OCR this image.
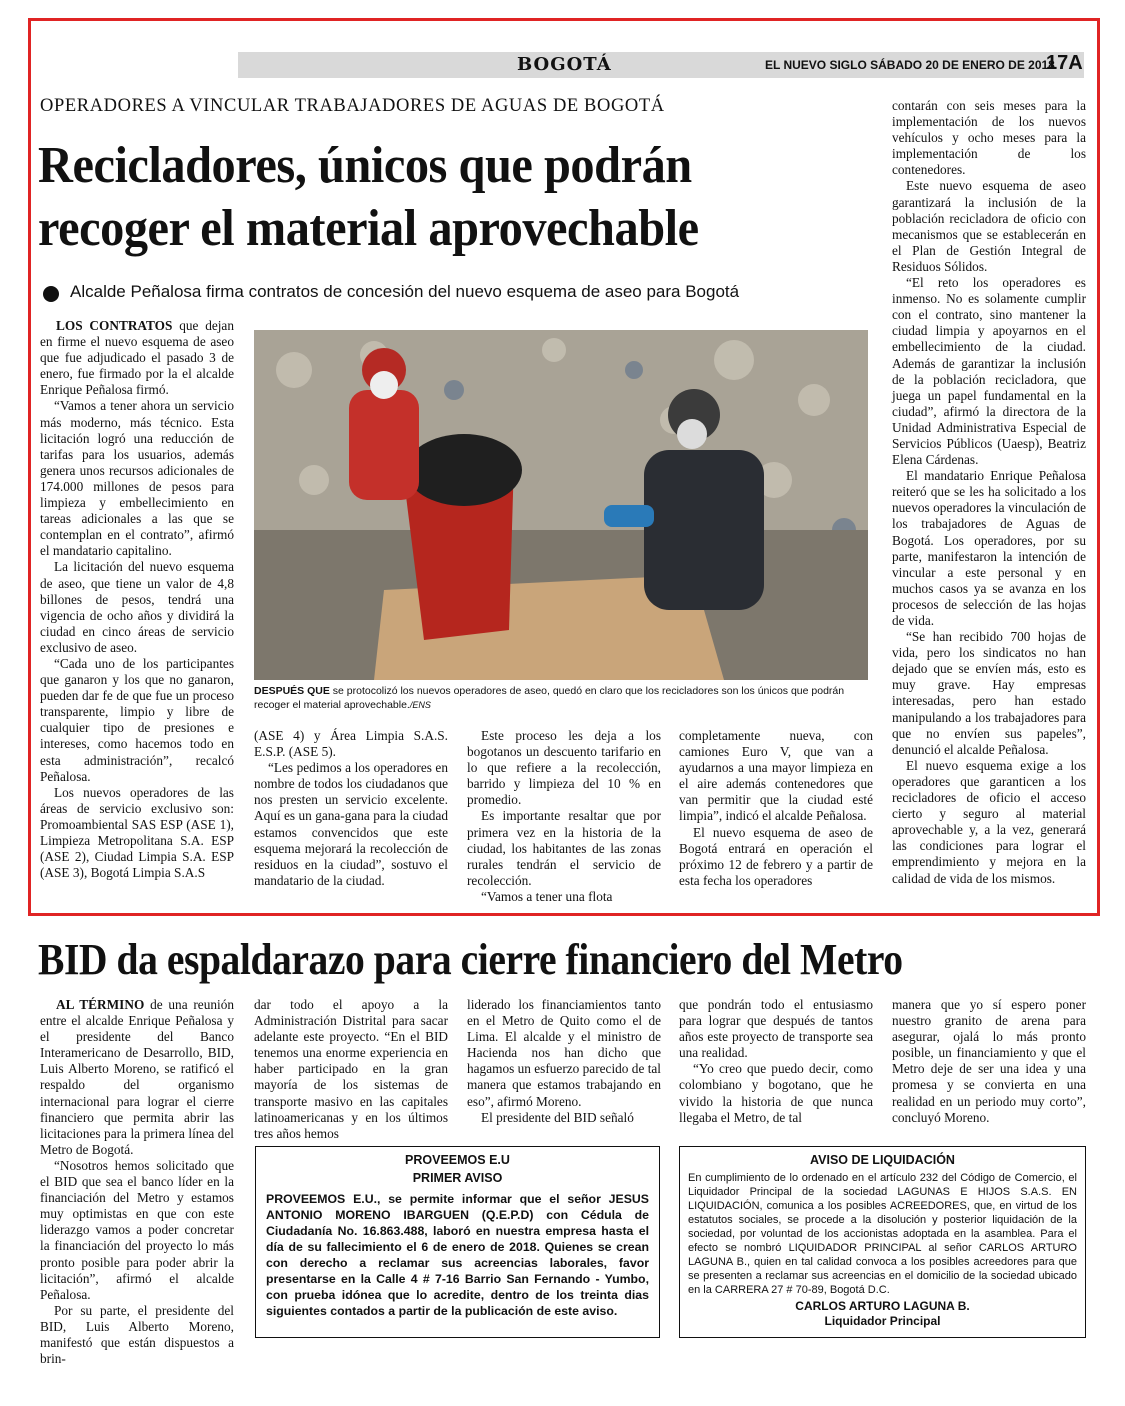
BOGOTÁ	EL NUEVO SIGLO SÁBADO 20 DE ENERO DE 2018
17A
OPERADORES A VINCULAR TRABAJADORES DE AGUAS DE BOGOTÁ
Recicladores, únicos que podrán recoger el material aprovechable
Alcalde Peñalosa firma contratos de concesión del nuevo esquema de aseo para Bogotá

LOS CONTRATOS que dejan en firme el nuevo esquema de aseo que fue adjudicado el pasado 3 de enero, fue firmado por la el alcalde Enrique Peñalosa firmó.

“Vamos a tener ahora un servicio más moderno, más técnico. Esta licitación logró una reducción de tarifas para los usuarios, además genera unos recursos adicionales de 174.000 millones de pesos para limpieza y embellecimiento en tareas adicionales a las que se contemplan en el contrato”, afirmó el mandatario capitalino.

La licitación del nuevo esquema de aseo, que tiene un valor de 4,8 billones de pesos, tendrá una vigencia de ocho años y dividirá la ciudad en cinco áreas de servicio exclusivo de aseo.

“Cada uno de los participantes que ganaron y los que no ganaron, pueden dar fe de que fue un proceso transparente, limpio y libre de cualquier tipo de presiones e intereses, como hacemos todo en esta administración”, recalcó Peñalosa.

Los nuevos operadores de las áreas de servicio exclusivo son: Promoambiental SAS ESP (ASE 1), Limpieza Metropolitana S.A. ESP (ASE 2), Ciudad Limpia S.A. ESP (ASE 3), Bogotá Limpia S.A.S

DESPUÉS QUE se protocolizó los nuevos operadores de aseo, quedó en claro que los recicladores son los únicos que podrán recoger el material aprovechable./ENS

(ASE 4) y Área Limpia S.A.S. E.S.P. (ASE 5).

“Les pedimos a los operadores en nombre de todos los ciudadanos que nos presten un servicio excelente. Aquí es un gana-gana para la ciudad estamos convencidos que este esquema mejorará la recolección de residuos en la ciudad”, sostuvo el mandatario de la ciudad.

Este proceso les deja a los bogotanos un descuento tarifario en lo que refiere a la recolección, barrido y limpieza del 10 % en promedio.

Es importante resaltar que por primera vez en la historia de la ciudad, los habitantes de las zonas rurales tendrán el servicio de recolección.

“Vamos a tener una flota

completamente nueva, con camiones Euro V, que van a ayudarnos a una mayor limpieza en el aire además contenedores que van permitir que la ciudad esté limpia”, indicó el alcalde Peñalosa.

El nuevo esquema de aseo de Bogotá entrará en operación el próximo 12 de febrero y a partir de esta fecha los operadores

contarán con seis meses para la implementación de los nuevos vehículos y ocho meses para la implementación de los contenedores.

Este nuevo esquema de aseo garantizará la inclusión de la población recicladora de oficio con mecanismos que se establecerán en el Plan de Gestión Integral de Residuos Sólidos.

“El reto los operadores es inmenso. No es solamente cumplir con el contrato, sino mantener la ciudad limpia y apoyarnos en el embellecimiento de la ciudad. Además de garantizar la inclusión de la población recicladora, que juega un papel fundamental en la ciudad”, afirmó la directora de la Unidad Administrativa Especial de Servicios Públicos (Uaesp), Beatriz Elena Cárdenas.

El mandatario Enrique Peñalosa reiteró que se les ha solicitado a los nuevos operadores la vinculación de los trabajadores de Aguas de Bogotá. Los operadores, por su parte, manifestaron la intención de vincular a este personal y en muchos casos ya se avanza en los procesos de selección de las hojas de vida.

“Se han recibido 700 hojas de vida, pero los sindicatos no han dejado que se envíen más, esto es muy grave. Hay empresas interesadas, pero han estado manipulando a los trabajadores para que no envíen sus papeles”, denunció el alcalde Peñalosa.

El nuevo esquema exige a los operadores que garanticen a los recicladores de oficio el acceso cierto y seguro al material aprovechable y, a la vez, generará las condiciones para lograr el emprendimiento y mejora en la calidad de vida de los mismos.

BID da espaldarazo para cierre financiero del Metro

AL TÉRMINO de una reunión entre el alcalde Enrique Peñalosa y el presidente del Banco Interamericano de Desarrollo, BID, Luis Alberto Moreno, se ratificó el respaldo del organismo internacional para lograr el cierre financiero que permita abrir las licitaciones para la primera línea del Metro de Bogotá.

“Nosotros hemos solicitado que el BID que sea el banco líder en la financiación del Metro y estamos muy optimistas en que con este liderazgo vamos a poder concretar la financiación del proyecto lo más pronto posible para poder abrir la licitación”, afirmó el alcalde Peñalosa.

Por su parte, el presidente del BID, Luis Alberto Moreno, manifestó que están dispuestos a brin-

dar todo el apoyo a la Administración Distrital para sacar adelante este proyecto. “En el BID tenemos una enorme experiencia en haber participado en la gran mayoría de los sistemas de transporte masivo en las capitales latinoamericanas y en los últimos tres años hemos

liderado los financiamientos tanto en el Metro de Quito como el de Lima. El alcalde y el ministro de Hacienda nos han dicho que hagamos un esfuerzo parecido de tal manera que estamos trabajando en eso”, afirmó Moreno.

El presidente del BID señaló

que pondrán todo el entusiasmo para lograr que después de tantos años este proyecto de transporte sea una realidad.

“Yo creo que puedo decir, como colombiano y bogotano, que he vivido la historia de que nunca llegaba el Metro, de tal

manera que yo sí espero poner nuestro granito de arena para asegurar, ojalá lo más pronto posible, un financiamiento y que el Metro deje de ser una idea y una promesa y se convierta en una realidad en un periodo muy corto”, concluyó Moreno.

PROVEEMOS E.U
PRIMER AVISO
PROVEEMOS E.U., se permite informar que el señor JESUS ANTONIO MORENO IBARGUEN (Q.E.P.D) con Cédula de Ciudadanía No. 16.863.488, laboró en nuestra empresa hasta el día de su fallecimiento el 6 de enero de 2018. Quienes se crean con derecho a reclamar sus acreencias laborales, favor presentarse en la Calle 4 # 7-16 Barrio San Fernando - Yumbo, con prueba idónea que lo acredite, dentro de los treinta dias siguientes contados a partir de la publicación de este aviso.
AVISO DE LIQUIDACIÓN
En cumplimiento de lo ordenado en el artículo 232 del Código de Comercio, el Liquidador Principal de la sociedad LAGUNAS E HIJOS S.A.S. EN LIQUIDACIÓN, comunica a los posibles ACREEDORES, que, en virtud de los estatutos sociales, se procede a la disolución y posterior liquidación de la sociedad, por voluntad de los accionistas adoptada en la asamblea. Para el efecto se nombró LIQUIDADOR PRINCIPAL al señor CARLOS ARTURO LAGUNA B., quien en tal calidad convoca a los posibles acreedores para que se presenten a reclamar sus acreencias en el domicilio de la sociedad ubicado en la CARRERA 27 # 70-89, Bogotá D.C.
CARLOS ARTURO LAGUNA B.
Liquidador Principal
